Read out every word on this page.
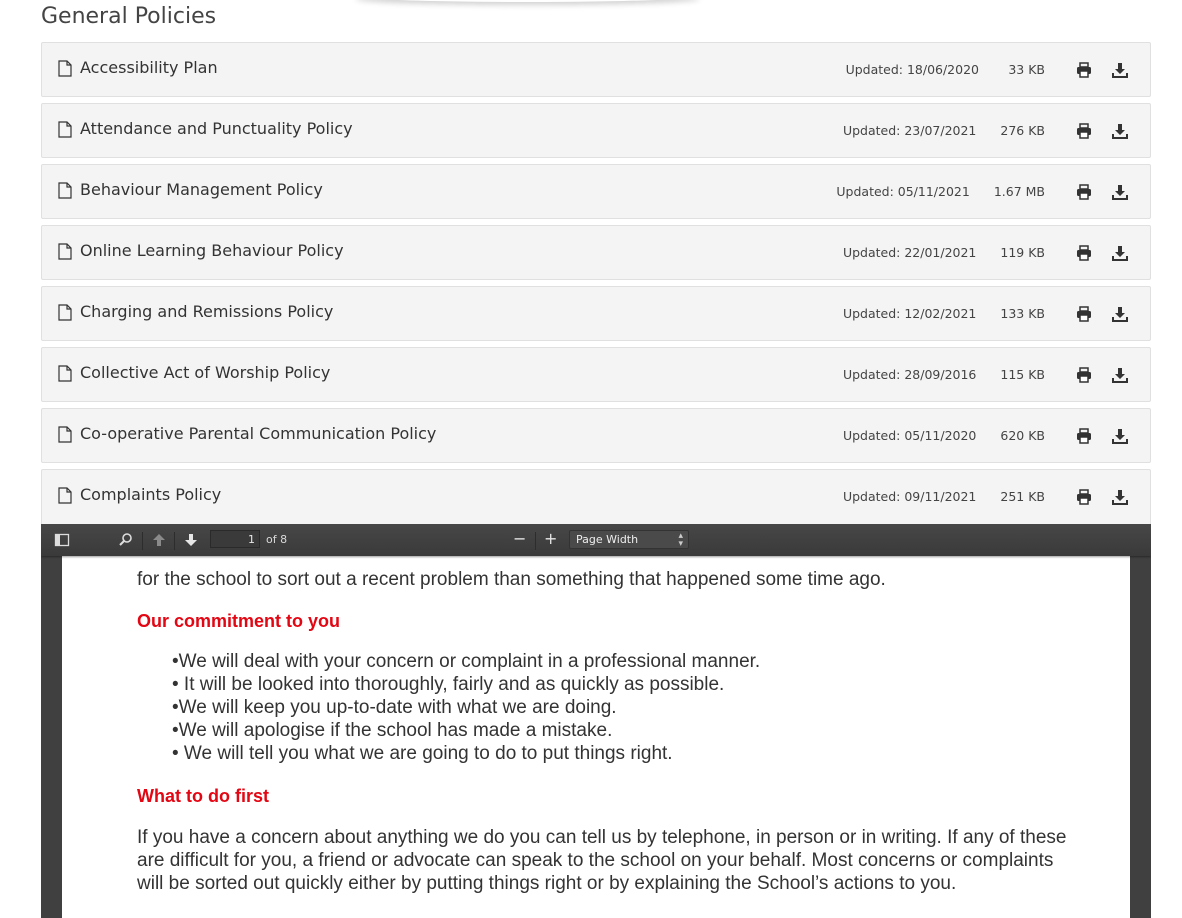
General Policies
Accessibility Plan	Updated: 18/06/2020	33 KB
Attendance and Punctuality Policy	Updated: 23/07/2021 276 KB
Behaviour Management Policy	Updated: 05/11/2021 1.67 MB
Online Learning Behaviour Policy	Updated: 22/01/2021 119 KB
Charging and Remissions Policy	Updated: 12/02/2021 133 KB
Collective Act of Worship Policy	Updated: 28/09/2016 115 KB
Co-operative Parental Communication Policy	Updated: 05/11/2020 620 KB
Complaints Policy	Updated: 09/11/2021 251 KB
1
of 8	− +	Page Width	▴
▾
for the school to sort out a recent problem than something that happened some time ago.
Our commitment to you
•We will deal with your concern or complaint in a professional manner.
• It will be looked into thoroughly, fairly and as quickly as possible.
•We will keep you up-to-date with what we are doing.
•We will apologise if the school has made a mistake.
• We will tell you what we are going to do to put things right.
What to do first

If you have a concern about anything we do you can tell us by telephone, in person or in writing. If any of these are difficult for you, a friend or advocate can speak to the school on your behalf. Most concerns or complaints will be sorted out quickly either by putting things right or by explaining the School’s actions to you.
